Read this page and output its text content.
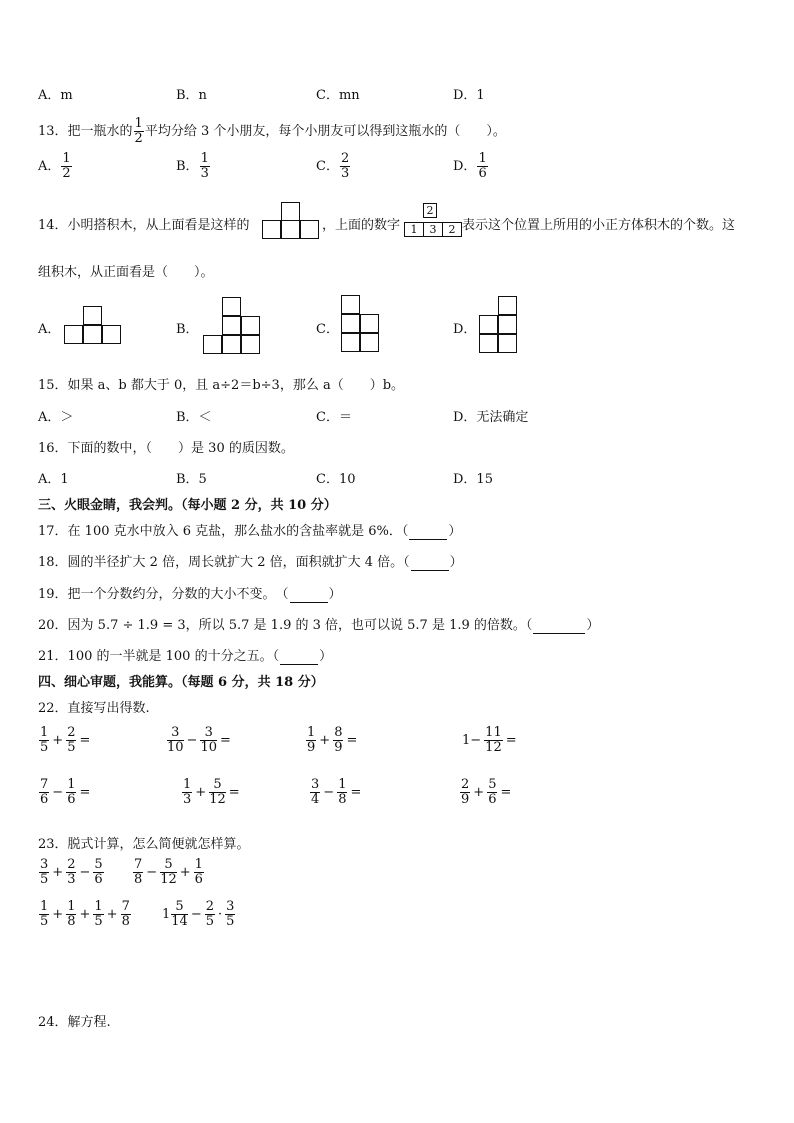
A．m	B．n	C．mn	D．1
13．把一瓶水的 $\frac{1}{2}$ 平均分给 3 个小朋友，每个小朋友可以得到这瓶水的（　　）。
A． $\frac{1}{2}$	B． $\frac{1}{3}$	C． $\frac{2}{3}$	D． $\frac{1}{6}$
14．小明搭积木，从上面看是这样的	，上面的数字
2
1	3	2 表示这个位置上所用的小正方体积木的个数。这
组积木，从正面看是（　　）。
A．	B．	C．	D．
15．如果 a、b 都大于 0，且 a÷2＝b÷3，那么 a（　　）b。
A．＞	B．＜	C．＝	D．无法确定
16．下面的数中，（　　）是 30 的质因数。
A．1	B．5	C．10	D．15
三、火眼金睛，我会判。（每小题 2 分，共 10 分）
17．在 100 克水中放入 6 克盐，那么盐水的含盐率就是 6%．（	）
18．圆的半径扩大 2 倍，周长就扩大 2 倍，面积就扩大 4 倍。（	）
19．把一个分数约分，分数的大小不变。　（	）
20．因为 5.7 ÷ 1.9 = 3，所以 5.7 是 1.9 的 3 倍，也可以说 5.7 是 1.9 的倍数。（	）
21．100 的一半就是 100 的十分之五。（	）
四、细心审题，我能算。（每题 6 分，共 18 分）
22．直接写出得数.
$\frac{1}{5} + \frac{2}{5}$ =	$\frac{3}{10} - \frac{3}{10}$ =	$\frac{1}{9} + \frac{8}{9}$ =	$1- \frac{11}{12}$ =
$\frac{7}{6} - \frac{1}{6}$ =	$\frac{1}{3} + \frac{5}{12}$ =	$\frac{3}{4} - \frac{1}{8}$ =	$\frac{2}{9} + \frac{5}{6}$ =
23．脱式计算，怎么简便就怎样算。
$\frac{3}{5} + \frac{2}{3} - \frac{5}{6} \frac{7}{8} - \frac{5}{12} + \frac{1}{6}$
$\frac{1}{5} + \frac{1}{8} + \frac{1}{5} + \frac{7}{8} 1 \frac{5}{14} - \frac{2}{5} \cdot \frac{3}{5}$
24．解方程.
